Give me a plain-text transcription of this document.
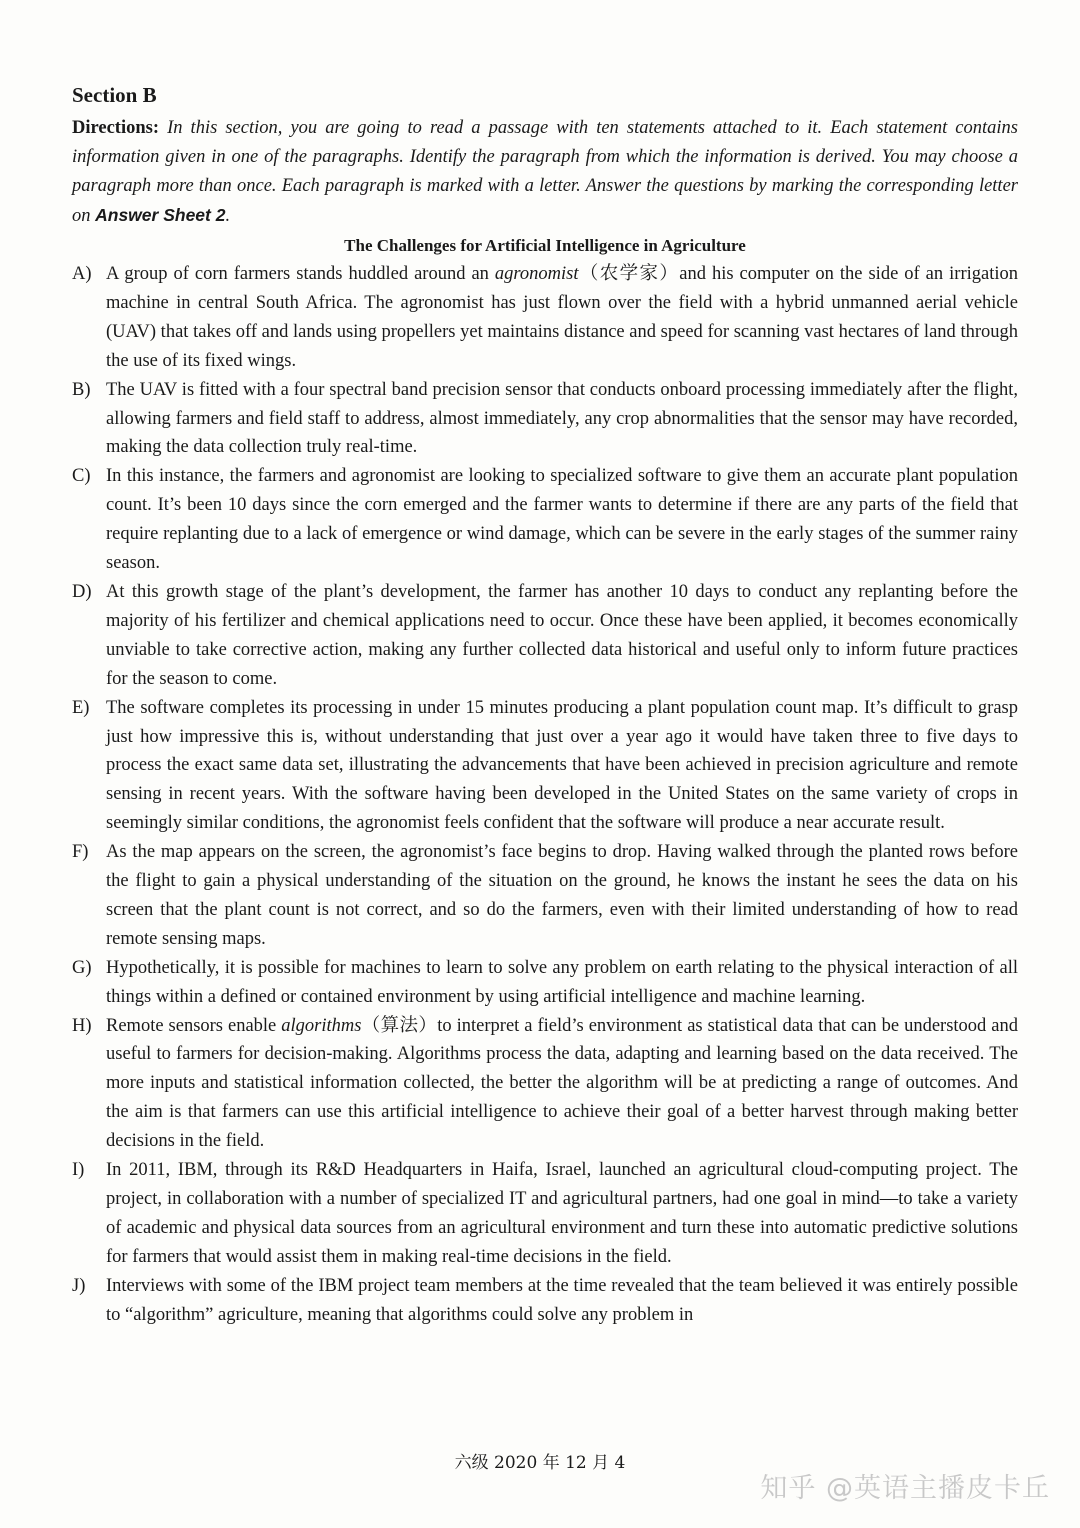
Section B

Directions: In this section, you are going to read a passage with ten statements attached to it. Each statement contains information given in one of the paragraphs. Identify the paragraph from which the information is derived. You may choose a paragraph more than once. Each paragraph is marked with a letter. Answer the questions by marking the corresponding letter on Answer Sheet 2.

The Challenges for Artificial Intelligence in Agriculture
A) A group of corn farmers stands huddled around an agronomist（农学家）and his computer on the side of an irrigation machine in central South Africa. The agronomist has just flown over the field with a hybrid unmanned aerial vehicle (UAV) that takes off and lands using propellers yet maintains distance and speed for scanning vast hectares of land through the use of its fixed wings.
B) The UAV is fitted with a four spectral band precision sensor that conducts onboard processing immediately after the flight, allowing farmers and field staff to address, almost immediately, any crop abnormalities that the sensor may have recorded, making the data collection truly real-time.
C) In this instance, the farmers and agronomist are looking to specialized software to give them an accurate plant population count. It’s been 10 days since the corn emerged and the farmer wants to determine if there are any parts of the field that require replanting due to a lack of emergence or wind damage, which can be severe in the early stages of the summer rainy season.
D) At this growth stage of the plant’s development, the farmer has another 10 days to conduct any replanting before the majority of his fertilizer and chemical applications need to occur. Once these have been applied, it becomes economically unviable to take corrective action, making any further collected data historical and useful only to inform future practices for the season to come.
E) The software completes its processing in under 15 minutes producing a plant population count map. It’s difficult to grasp just how impressive this is, without understanding that just over a year ago it would have taken three to five days to process the exact same data set, illustrating the advancements that have been achieved in precision agriculture and remote sensing in recent years. With the software having been developed in the United States on the same variety of crops in seemingly similar conditions, the agronomist feels confident that the software will produce a near accurate result.
F) As the map appears on the screen, the agronomist’s face begins to drop. Having walked through the planted rows before the flight to gain a physical understanding of the situation on the ground, he knows the instant he sees the data on his screen that the plant count is not correct, and so do the farmers, even with their limited understanding of how to read remote sensing maps.
G) Hypothetically, it is possible for machines to learn to solve any problem on earth relating to the physical interaction of all things within a defined or contained environment by using artificial intelligence and machine learning.
H) Remote sensors enable algorithms（算法）to interpret a field’s environment as statistical data that can be understood and useful to farmers for decision-making. Algorithms process the data, adapting and learning based on the data received. The more inputs and statistical information collected, the better the algorithm will be at predicting a range of outcomes. And the aim is that farmers can use this artificial intelligence to achieve their goal of a better harvest through making better decisions in the field.
I)	In 2011, IBM, through its R&D Headquarters in Haifa, Israel, launched an agricultural cloud-computing project. The project, in collaboration with a number of specialized IT and agricultural partners, had one goal in mind—to take a variety of academic and physical data sources from an agricultural environment and turn these into automatic predictive solutions for farmers that would assist them in making real-time decisions in the field.
J)	Interviews with some of the IBM project team members at the time revealed that the team believed it was entirely possible to “algorithm” agriculture, meaning that algorithms could solve any problem in
六级 2020 年 12 月 4
知乎 @英语主播皮卡丘
